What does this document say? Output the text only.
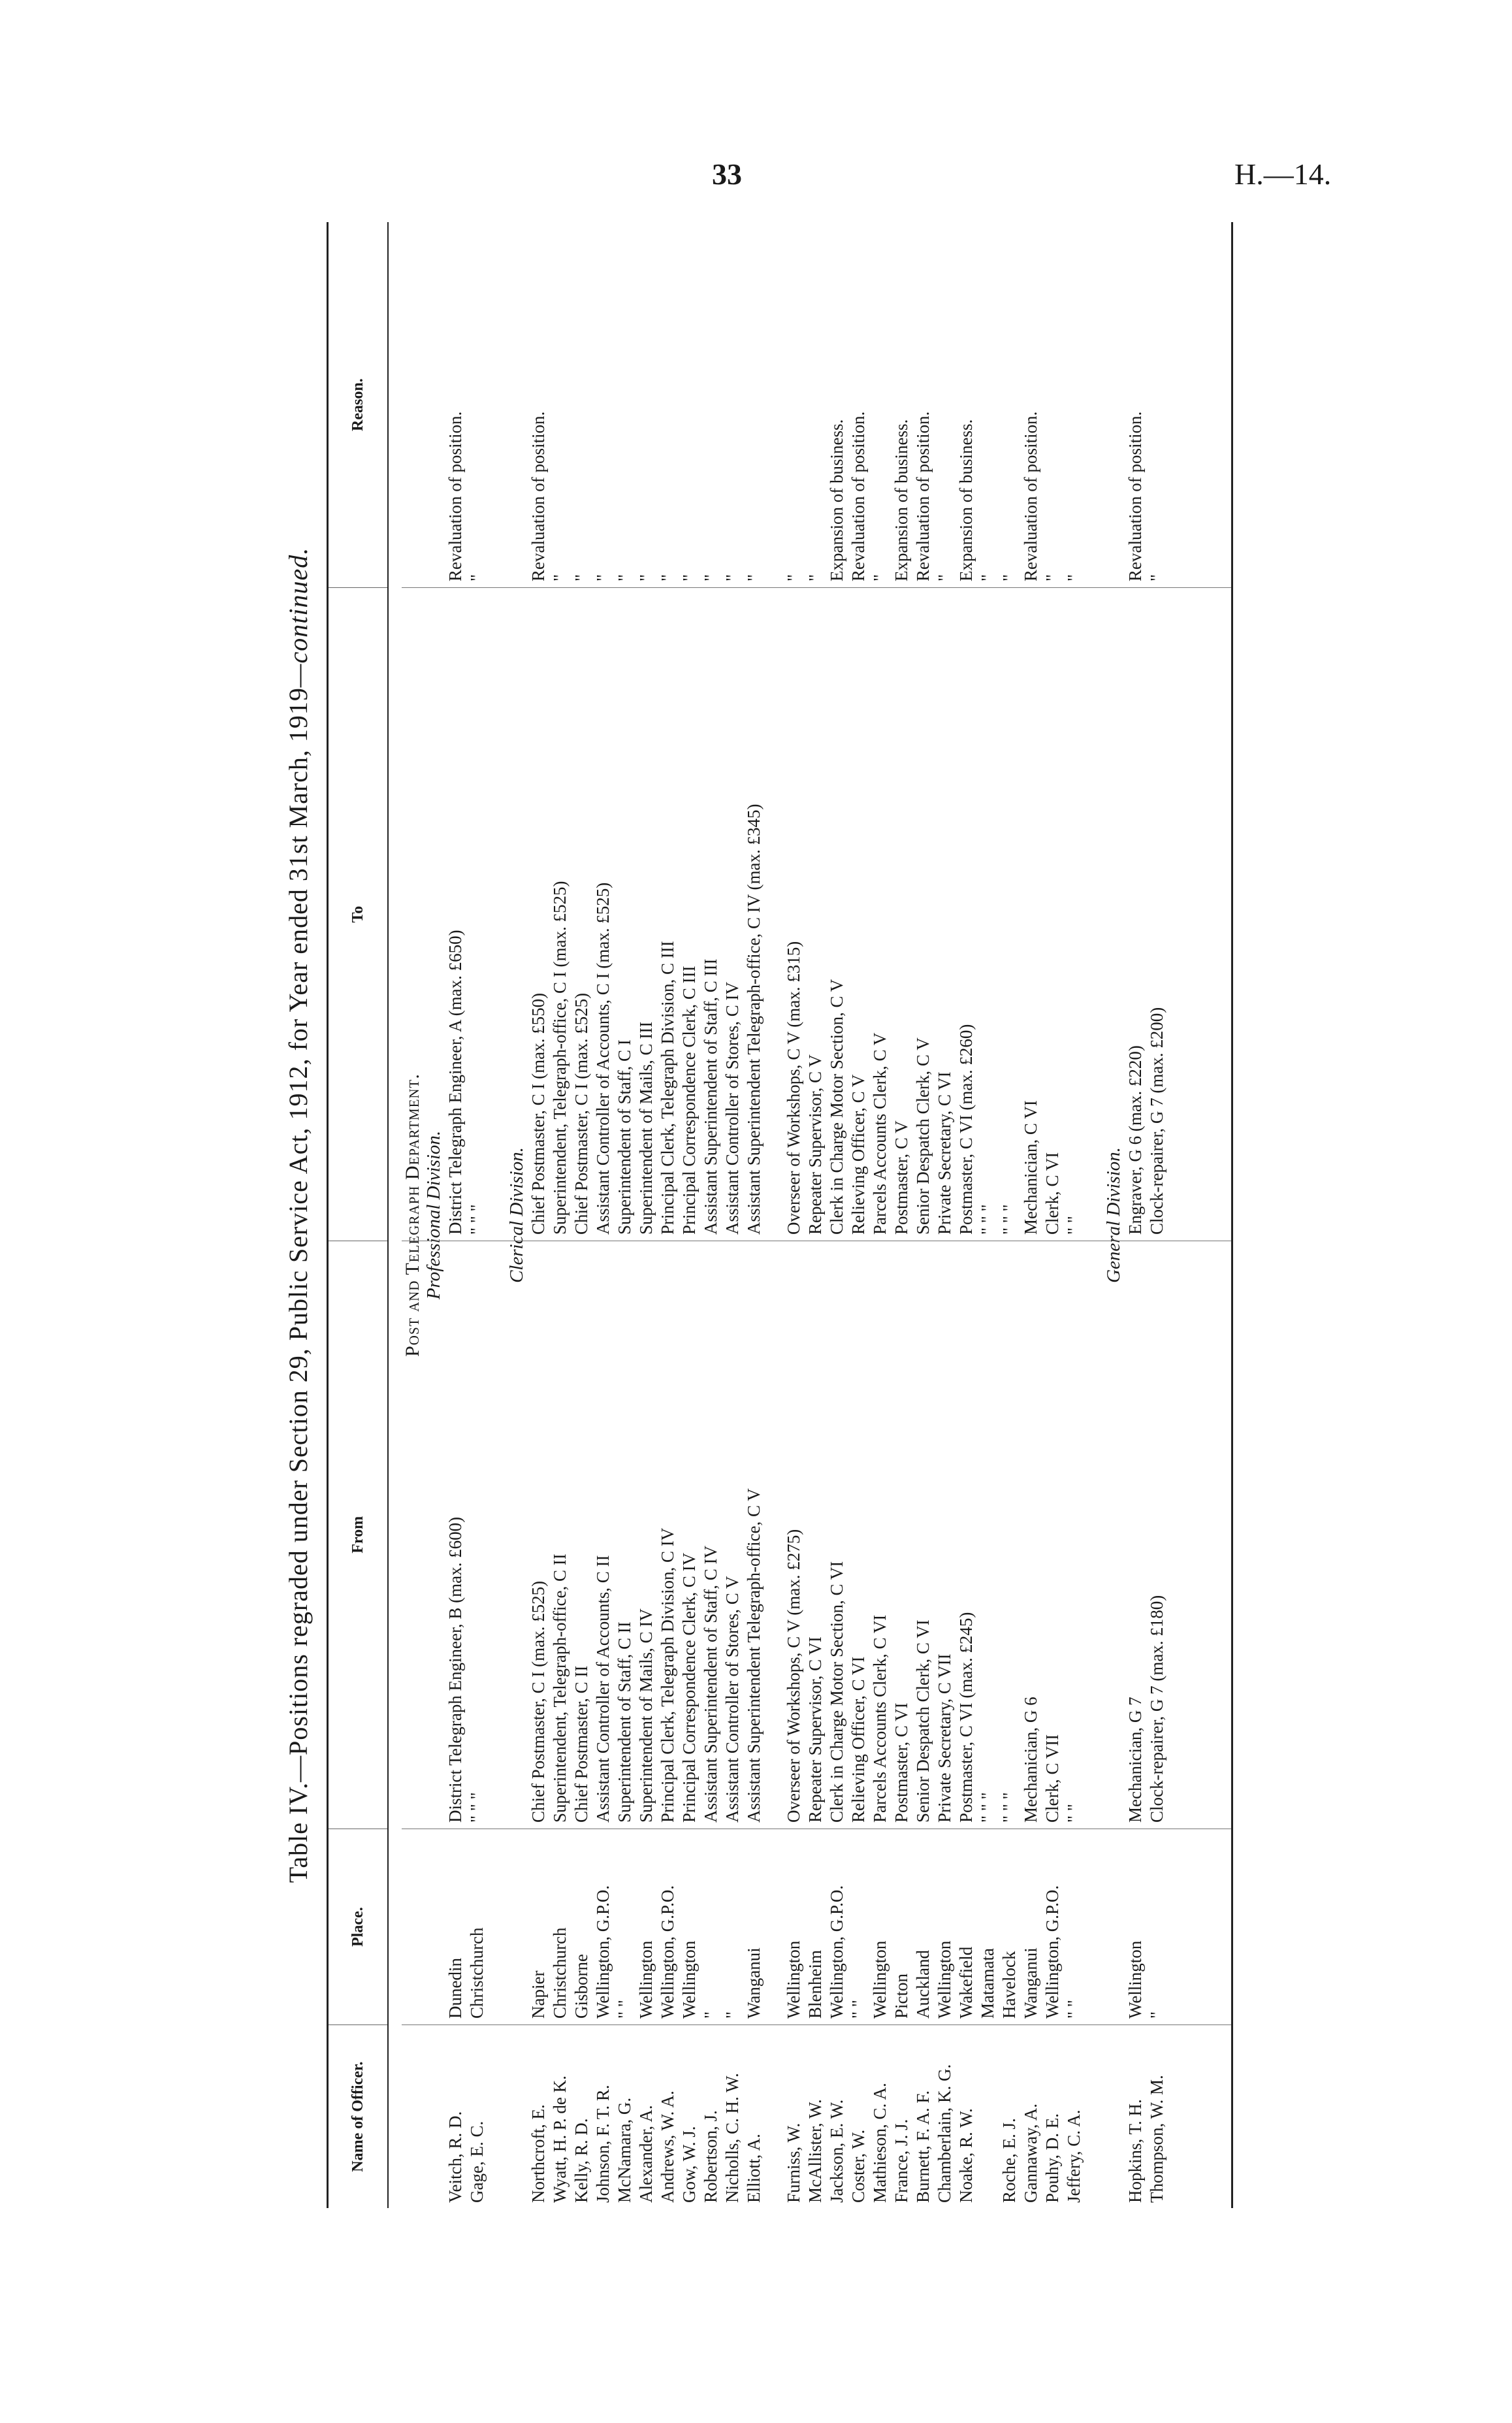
33	H.—14.
Table IV.—Positions regraded under Section 29, Public Service Act, 1912, for Year ended 31st March, 1919—continued.
Name of Officer.
Place.
From
To
Reason.
Post and Telegraph Department. Professional Division.
Veitch, R. D.
Dunedin
District Telegraph Engineer, B (max. £600)
District Telegraph Engineer, A (max. £650)
Revaluation of position.
Gage, E. C.
Christchurch
" " "
" " "
"
Clerical Division.
Northcroft, E.
Napier
Chief Postmaster, C I (max. £525)
Chief Postmaster, C I (max. £550)
Revaluation of position.
Wyatt, H. P. de K.
Christchurch
Superintendent, Telegraph-office, C II
Superintendent, Telegraph-office, C I (max. £525)
"
Kelly, R. D.
Gisborne
Chief Postmaster, C II
Chief Postmaster, C I (max. £525)
"
Johnson, F. T. R.
Wellington, G.P.O.
Assistant Controller of Accounts, C II
Assistant Controller of Accounts, C I (max. £525)
"
McNamara, G.
" "
Superintendent of Staff, C II
Superintendent of Staff, C I
"
Alexander, A.
Wellington
Superintendent of Mails, C IV
Superintendent of Mails, C III
"
Andrews, W. A.
Wellington, G.P.O.
Principal Clerk, Telegraph Division, C IV
Principal Clerk, Telegraph Division, C III
"
Gow, W. J.
Wellington
Principal Correspondence Clerk, C IV
Principal Correspondence Clerk, C III
"
Robertson, J.
"
Assistant Superintendent of Staff, C IV
Assistant Superintendent of Staff, C III
"
Nicholls, C. H. W.
"
Assistant Controller of Stores, C V
Assistant Controller of Stores, C IV
"
Elliott, A.
Wanganui
Assistant Superintendent Telegraph-office, C V
Assistant Superintendent Telegraph-office, C IV (max. £345)
"
Furniss, W.
Wellington
Overseer of Workshops, C V (max. £275)
Overseer of Workshops, C V (max. £315)
"
McAllister, W.
Blenheim
Repeater Supervisor, C VI
Repeater Supervisor, C V
"
Jackson, E. W.
Wellington, G.P.O.
Clerk in Charge Motor Section, C VI
Clerk in Charge Motor Section, C V
Expansion of business.
Coster, W.
" "
Relieving Officer, C VI
Relieving Officer, C V
Revaluation of position.
Mathieson, C. A.
Wellington
Parcels Accounts Clerk, C VI
Parcels Accounts Clerk, C V
"
France, J. J.
Picton
Postmaster, C VI
Postmaster, C V
Expansion of business.
Burnett, F. A. F.
Auckland
Senior Despatch Clerk, C VI
Senior Despatch Clerk, C V
Revaluation of position.
Chamberlain, K. G.
Wellington
Private Secretary, C VII
Private Secretary, C VI
"
Noake, R. W.
Wakefield
Postmaster, C VI (max. £245)
Postmaster, C VI (max. £260)
Expansion of business.
Matamata
" " "
" " "
"
Roche, E. J.
Havelock
" " "
" " "
"
Gannaway, A.
Wanganui
Mechanician, G 6
Mechanician, C VI
Revaluation of position.
Pouhy, D. E.
Wellington, G.P.O.
Clerk, C VII
Clerk, C VI
"
Jeffery, C. A.
" "
" "
" "
"
General Division.
Hopkins, T. H.
Wellington
Mechanician, G 7
Engraver, G 6 (max. £220)
Revaluation of position.
Thompson, W. M.
"
Clock-repairer, G 7 (max. £180)
Clock-repairer, G 7 (max. £200)
"
